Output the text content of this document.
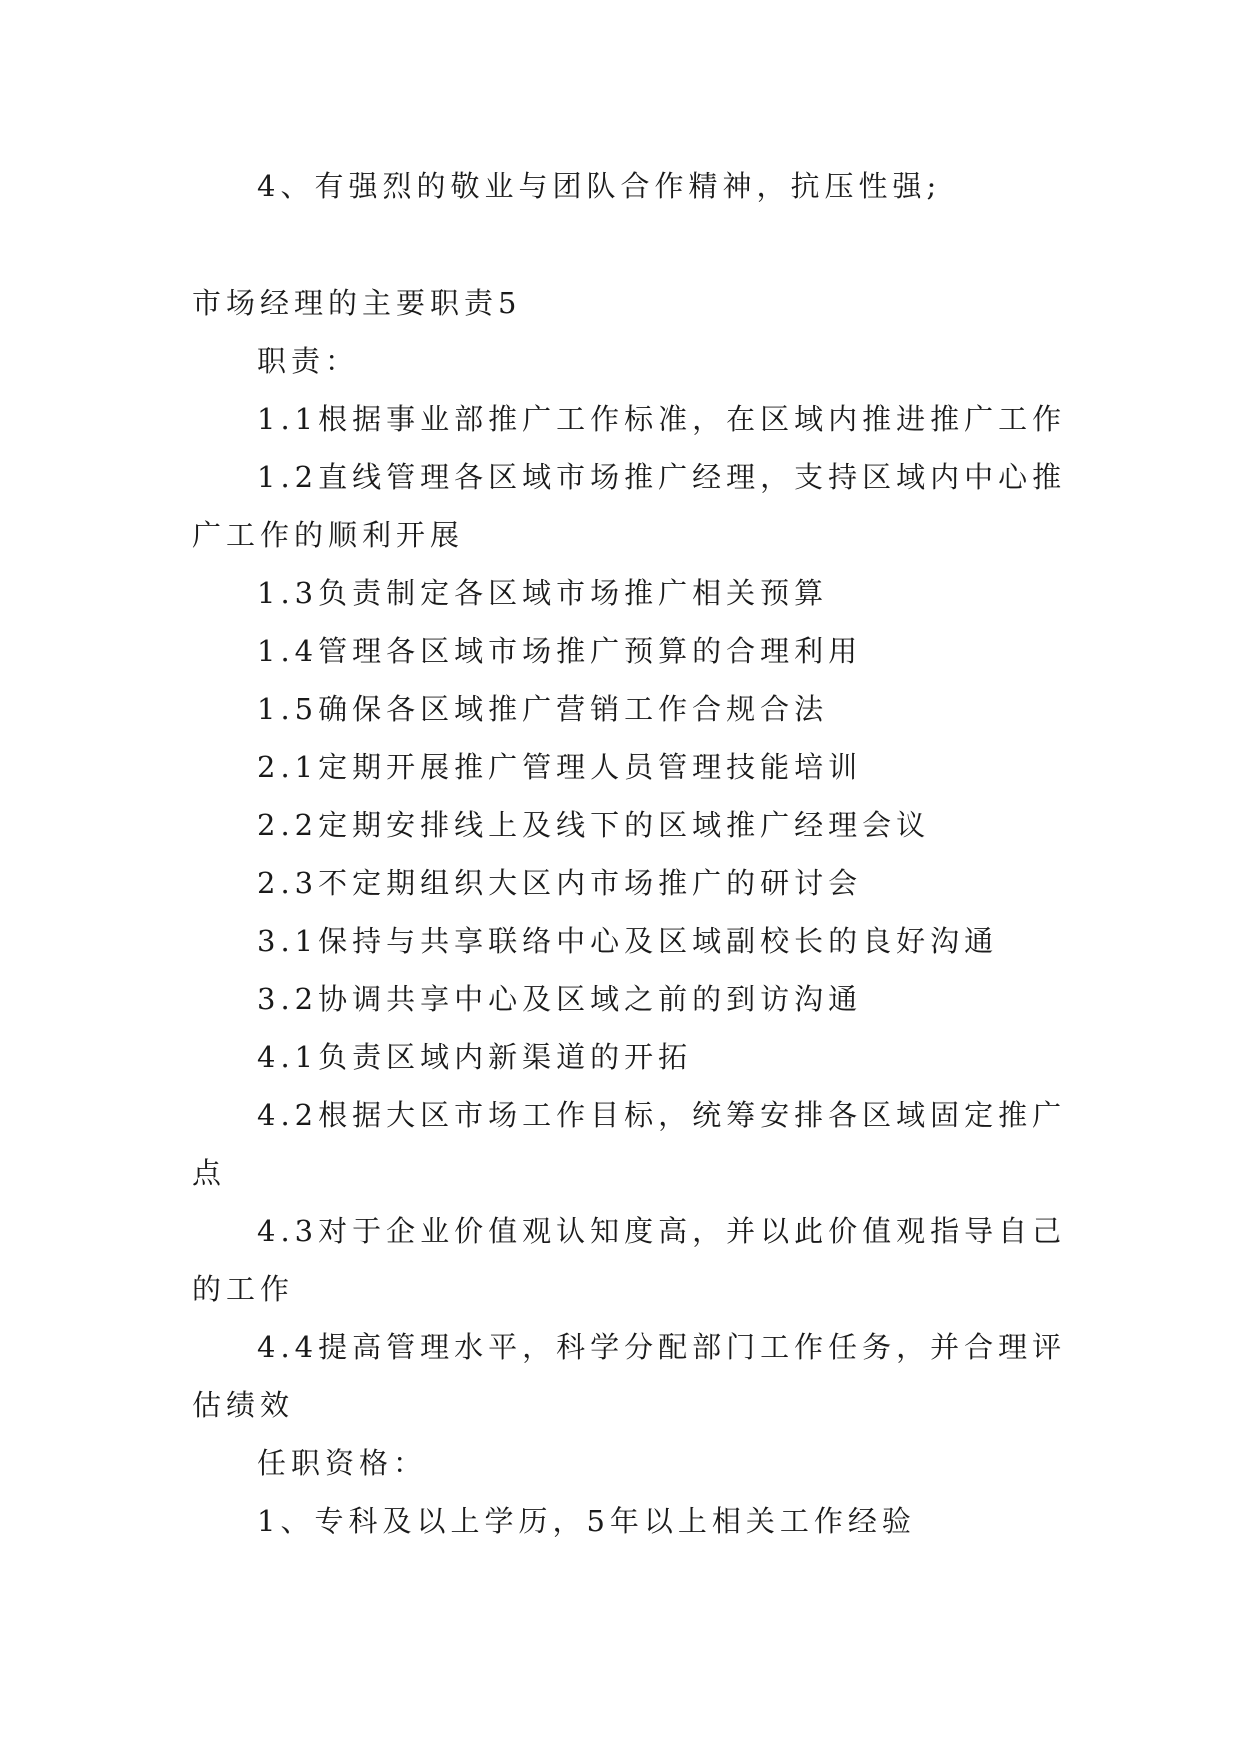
4、有强烈的敬业与团队合作精神，抗压性强;
市场经理的主要职责5
职责：
1.1根据事业部推广工作标准，在区域内推进推广工作
1.2直线管理各区域市场推广经理，支持区域内中心推
广工作的顺利开展
1.3负责制定各区域市场推广相关预算
1.4管理各区域市场推广预算的合理利用
1.5确保各区域推广营销工作合规合法
2.1定期开展推广管理人员管理技能培训
2.2定期安排线上及线下的区域推广经理会议
2.3不定期组织大区内市场推广的研讨会
3.1保持与共享联络中心及区域副校长的良好沟通
3.2协调共享中心及区域之前的到访沟通
4.1负责区域内新渠道的开拓
4.2根据大区市场工作目标，统筹安排各区域固定推广
点
4.3对于企业价值观认知度高，并以此价值观指导自己
的工作
4.4提高管理水平，科学分配部门工作任务，并合理评
估绩效
任职资格：
1、专科及以上学历，5年以上相关工作经验
